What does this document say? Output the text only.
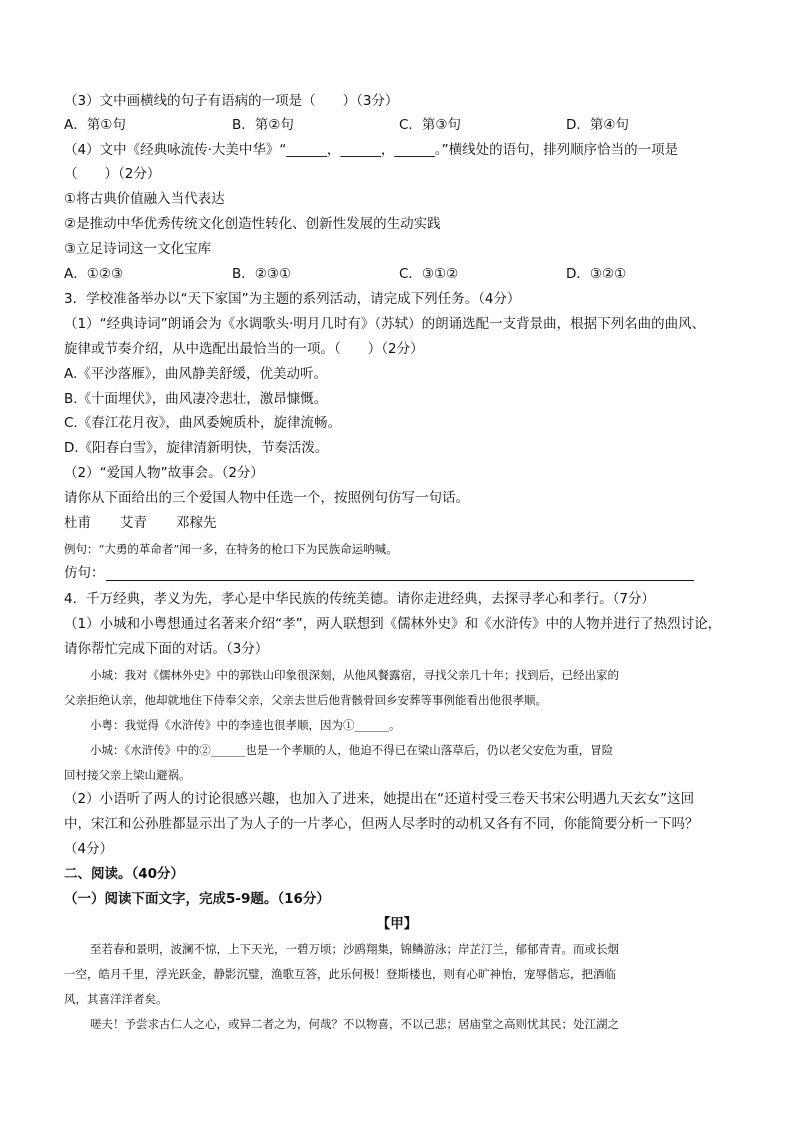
（3）文中画横线的句子有语病的一项是（　　）（3分）
A．第①句	B．第②句	C．第③句	D．第④句
（4）文中《经典咏流传·大美中华》“______，______，______。”横线处的语句，排列顺序恰当的一项是
（　　）（2分）
①将古典价值融入当代表达
②是推动中华优秀传统文化创造性转化、创新性发展的生动实践
③立足诗词这一文化宝库
A．①②③	B．②③①	C．③①②	D．③②①
3．学校准备举办以“天下家国”为主题的系列活动，请完成下列任务。（4分）
（1）“经典诗词”朗诵会为《水调歌头·明月几时有》（苏轼）的朗诵选配一支背景曲，根据下列名曲的曲风、
旋律或节奏介绍，从中选配出最恰当的一项。（　　）（2分）
A.《平沙落雁》，曲风静美舒缓，优美动听。
B.《十面埋伏》，曲风凄冷悲壮，激昂慷慨。
C.《春江花月夜》，曲风委婉质朴，旋律流畅。
D.《阳春白雪》，旋律清新明快，节奏活泼。
（2）“爱国人物”故事会。（2分）
请你从下面给出的三个爱国人物中任选一个，按照例句仿写一句话。
杜甫 艾青 邓稼先
例句：“大勇的革命者”闻一多，在特务的枪口下为民族命运呐喊。
仿句：
4．千万经典，孝义为先，孝心是中华民族的传统美德。请你走进经典，去探寻孝心和孝行。（7分）
（1）小城和小粤想通过名著来介绍“孝”，两人联想到《儒林外史》和《水浒传》中的人物并进行了热烈讨论，
请你帮忙完成下面的对话。（3分）
小城：我对《儒林外史》中的郭铁山印象很深刻，从他风餐露宿，寻找父亲几十年；找到后，已经出家的
父亲拒绝认亲，他却就地住下侍奉父亲，父亲去世后他背骸骨回乡安葬等事例能看出他很孝顺。
小粤：我觉得《水浒传》中的李逵也很孝顺，因为①______。
小城：《水浒传》中的②______也是一个孝顺的人，他迫不得已在梁山落草后，仍以老父安危为重，冒险
回村接父亲上梁山避祸。
（2）小语听了两人的讨论很感兴趣，也加入了进来，她提出在“还道村受三卷天书宋公明遇九天玄女”这回
中，宋江和公孙胜都显示出了为人子的一片孝心，但两人尽孝时的动机又各有不同，你能简要分析一下吗？
（4分）
二、阅读。（40分）
（一）阅读下面文字，完成5-9题。（16分）
【甲】
至若春和景明，波澜不惊，上下天光，一碧万顷；沙鸥翔集，锦鳞游泳；岸芷汀兰，郁郁青青。而或长烟
一空，皓月千里，浮光跃金，静影沉璧，渔歌互答，此乐何极！登斯楼也，则有心旷神怡，宠辱偕忘，把酒临
风，其喜洋洋者矣。
嗟夫！予尝求古仁人之心，或异二者之为，何哉？不以物喜，不以己悲；居庙堂之高则忧其民；处江湖之
